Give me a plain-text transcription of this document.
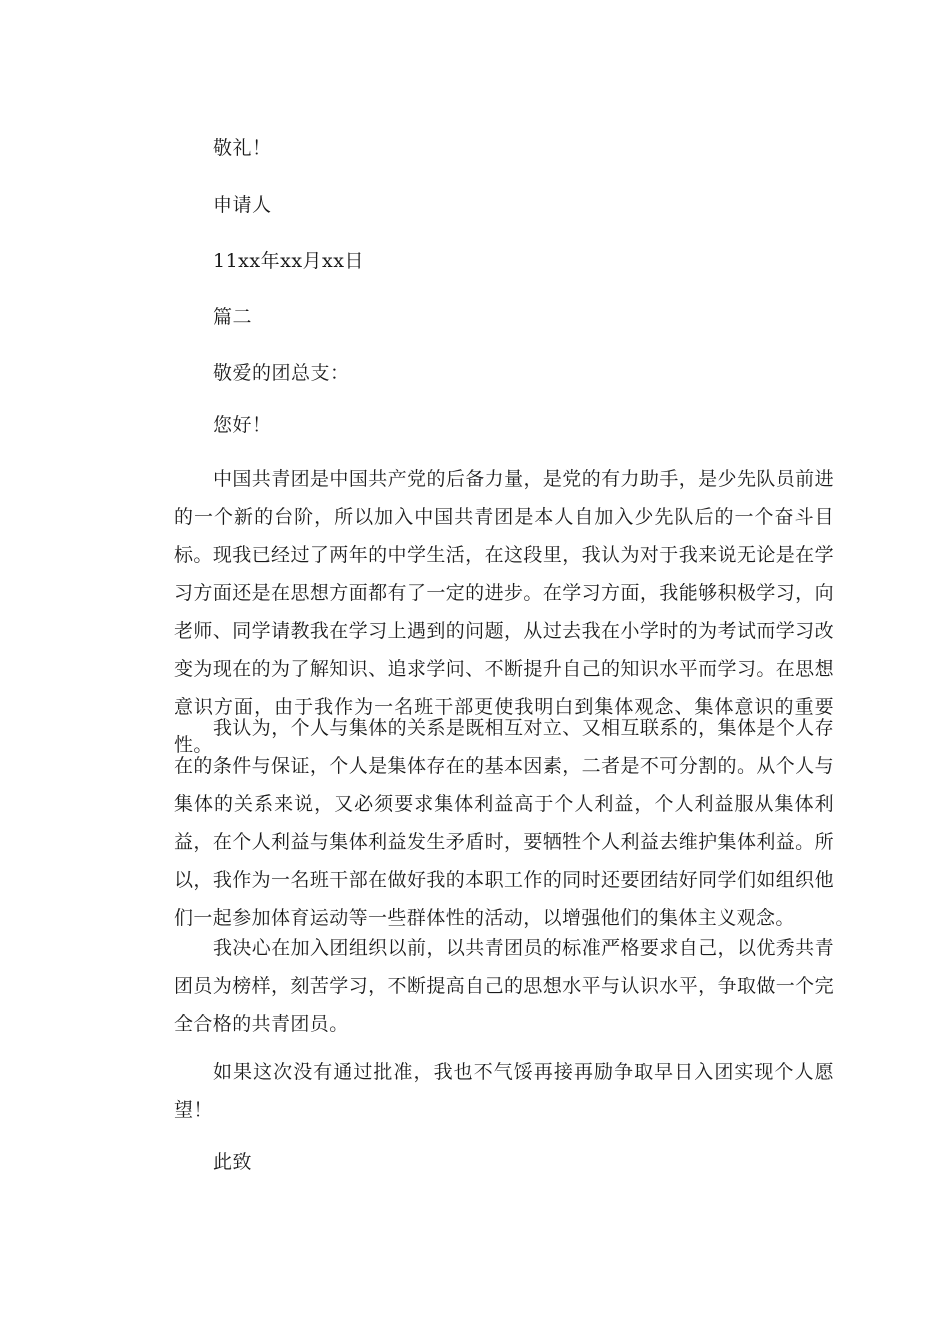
敬礼！
申请人
11xx年xx月xx日
篇二
敬爱的团总支：
您好！
中国共青团是中国共产党的后备力量，是党的有力助手，是少先队员前进的一个新的台阶，所以加入中国共青团是本人自加入少先队后的一个奋斗目标。现我已经过了两年的中学生活，在这段里，我认为对于我来说无论是在学习方面还是在思想方面都有了一定的进步。在学习方面，我能够积极学习，向老师、同学请教我在学习上遇到的问题，从过去我在小学时的为考试而学习改变为现在的为了解知识、追求学问、不断提升自己的知识水平而学习。在思想意识方面，由于我作为一名班干部更使我明白到集体观念、集体意识的重要性。
我认为，个人与集体的关系是既相互对立、又相互联系的，集体是个人存在的条件与保证，个人是集体存在的基本因素，二者是不可分割的。从个人与集体的关系来说，又必须要求集体利益高于个人利益，个人利益服从集体利益，在个人利益与集体利益发生矛盾时，要牺牲个人利益去维护集体利益。所以，我作为一名班干部在做好我的本职工作的同时还要团结好同学们如组织他们一起参加体育运动等一些群体性的活动，以增强他们的集体主义观念。
我决心在加入团组织以前，以共青团员的标准严格要求自己，以优秀共青团员为榜样，刻苦学习，不断提高自己的思想水平与认识水平，争取做一个完全合格的共青团员。
如果这次没有通过批准，我也不气馁再接再励争取早日入团实现个人愿望！
此致
